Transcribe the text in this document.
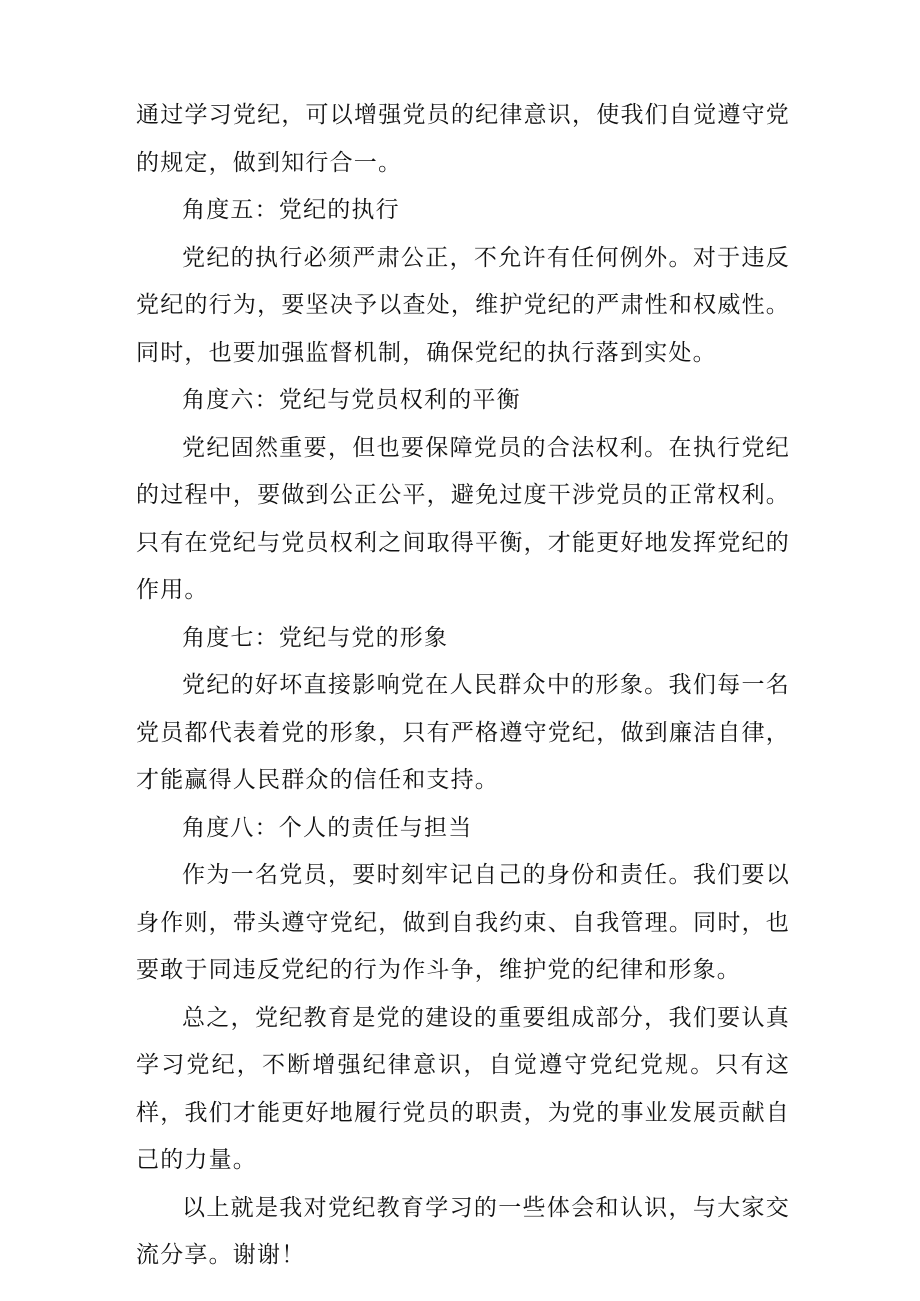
通过学习党纪，可以增强党员的纪律意识，使我们自觉遵守党的规定，做到知行合一。

角度五：党纪的执行

党纪的执行必须严肃公正，不允许有任何例外。对于违反党纪的行为，要坚决予以查处，维护党纪的严肃性和权威性。同时，也要加强监督机制，确保党纪的执行落到实处。

角度六：党纪与党员权利的平衡

党纪固然重要，但也要保障党员的合法权利。在执行党纪的过程中，要做到公正公平，避免过度干涉党员的正常权利。只有在党纪与党员权利之间取得平衡，才能更好地发挥党纪的作用。

角度七：党纪与党的形象

党纪的好坏直接影响党在人民群众中的形象。我们每一名党员都代表着党的形象，只有严格遵守党纪，做到廉洁自律，才能赢得人民群众的信任和支持。

角度八：个人的责任与担当

作为一名党员，要时刻牢记自己的身份和责任。我们要以身作则，带头遵守党纪，做到自我约束、自我管理。同时，也要敢于同违反党纪的行为作斗争，维护党的纪律和形象。

总之，党纪教育是党的建设的重要组成部分，我们要认真学习党纪，不断增强纪律意识，自觉遵守党纪党规。只有这样，我们才能更好地履行党员的职责，为党的事业发展贡献自己的力量。

以上就是我对党纪教育学习的一些体会和认识，与大家交流分享。谢谢！
